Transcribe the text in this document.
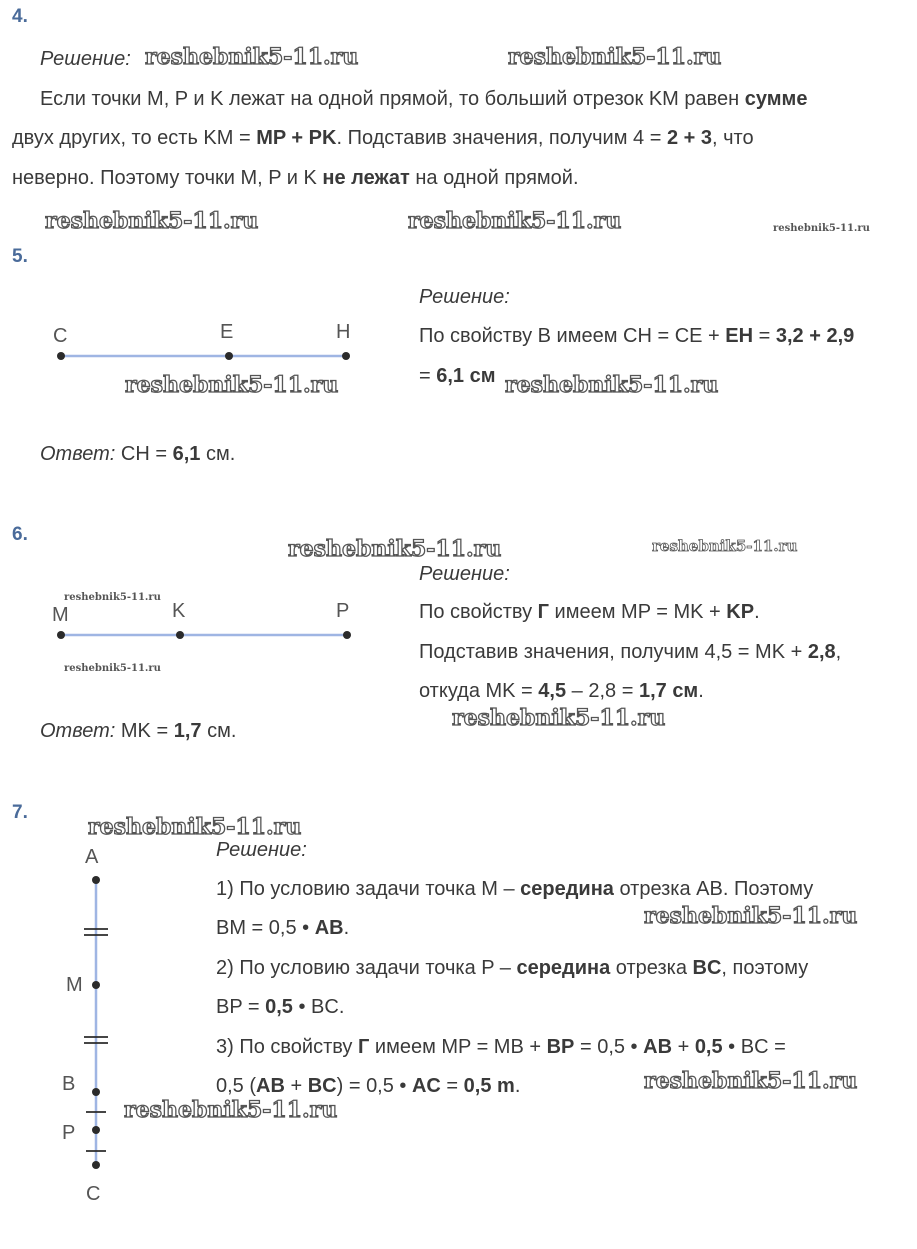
4.
Решение: reshebnik5-11.ru	reshebnik5-11.ru
Если точки M, P и K лежат на одной прямой, то больший отрезок KM равен сумме
двух других, то есть KM = MP + PK. Подставив значения, получим 4 = 2 + 3, что
неверно. Поэтому точки M, P и K не лежат на одной прямой.
reshebnik5-11.ru	reshebnik5-11.ru	reshebnik5-11.ru
5.
C	E	H
Решение:
По свойству В имеем CH = CE + EH = 3,2 + 2,9
= 6,1 см
reshebnik5-11.ru	reshebnik5-11.ru
Ответ: CH = 6,1 см.
6.
reshebnik5-11.ru	reshebnik5-11.ru
Решение:
reshebnik5-11.ru
M	K	P
reshebnik5-11.ru
По свойству Г имеем MP = MK + KP.
Подставив значения, получим 4,5 = MK + 2,8,
откуда MK = 4,5 – 2,8 = 1,7 см.
reshebnik5-11.ru
Ответ: MK = 1,7 см.
7.
reshebnik5-11.ru
A
M
B
P
C
Решение:
1) По условию задачи точка M – середина отрезка AB. Поэтому
BM = 0,5 • AB.	reshebnik5-11.ru
2) По условию задачи точка P – середина отрезка BC, поэтому
BP = 0,5 • BC.
3) По свойству Г имеем MP = MB + BP = 0,5 • AB + 0,5 • BC =
0,5 (AB + BC) = 0,5 • AC = 0,5 m.	reshebnik5-11.ru
reshebnik5-11.ru
